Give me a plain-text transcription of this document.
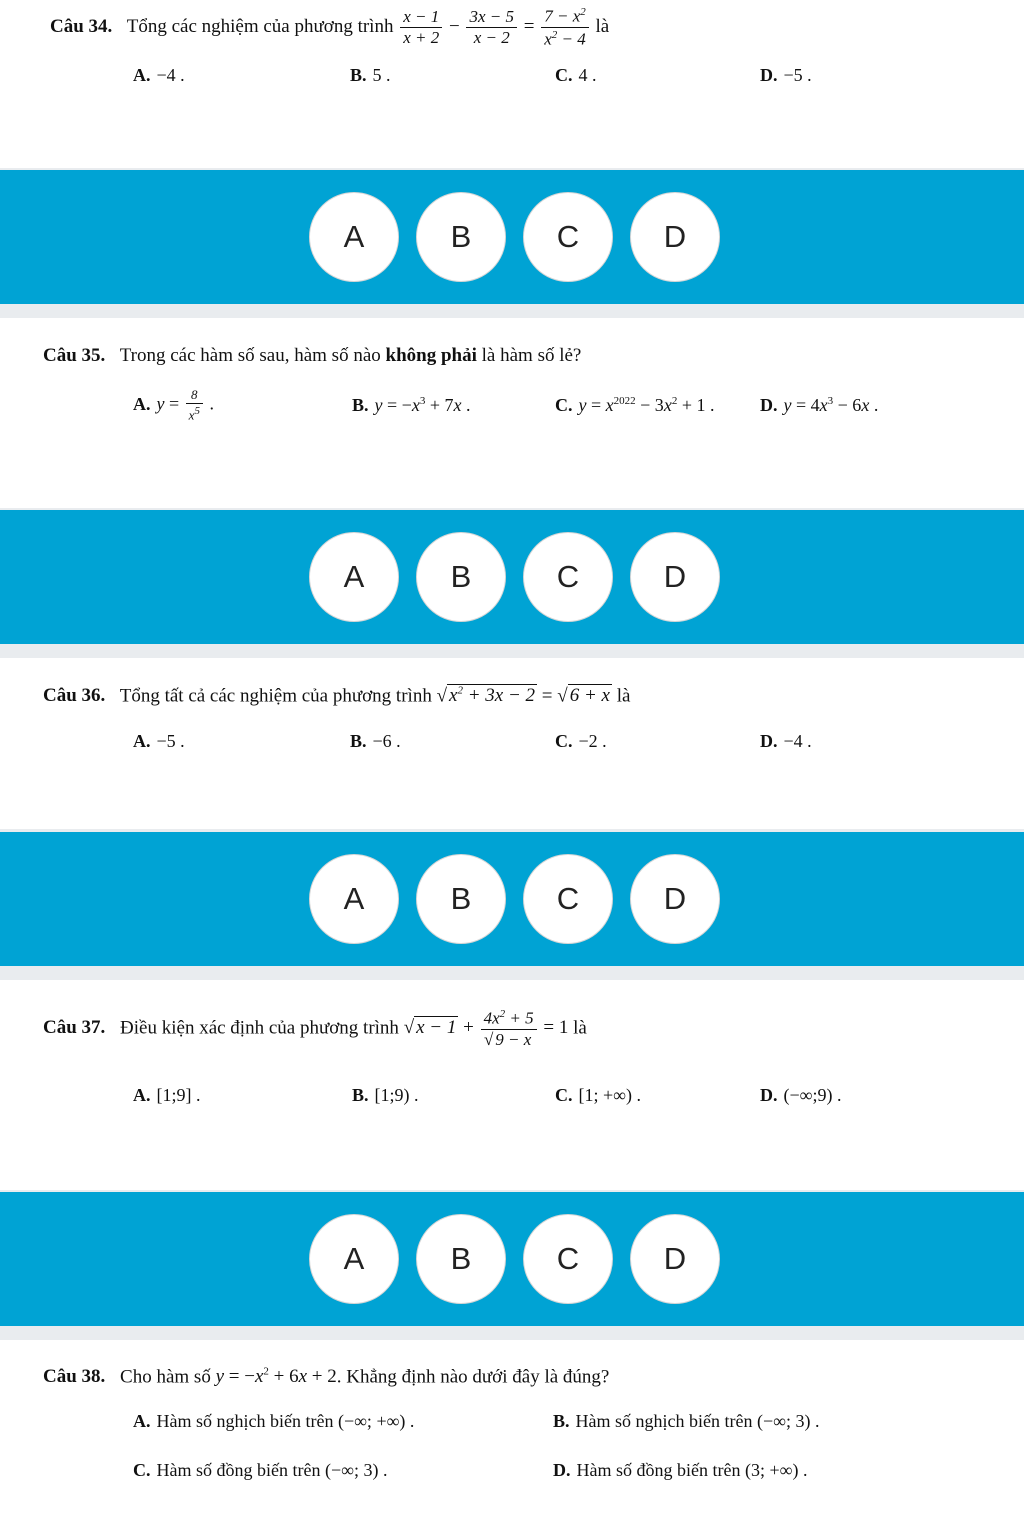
Câu 34. Tổng các nghiệm của phương trình $\frac{x - 1}{x + 2} - \frac{3x - 5}{x - 2} = \frac{7 - x^2}{x^2 - 4}$ là
A. −4 .	B. 5 .	C. 4 .	D. −5 .
A	B	C	D
Câu 35. Trong các hàm số sau, hàm số nào không phải là hàm số lẻ?
A. $y = \frac{8}{x^5}$ .	B. $y = -x^3 + 7x$ .	C. $y = x^{2022} - 3x^2 + 1$ .	D. $y = 4x^3 - 6x$ .
A	B	C	D
Câu 36. Tổng tất cả các nghiệm của phương trình √ $x^2 + 3x - 2$ = √ 6 + x là
A. −5 .	B. −6 .	C. −2 .	D. −4 .
A	B	C	D
Câu 37. Điều kiện xác định của phương trình √ $x - 1 + \frac{4x^2 + 5}{√ 9 - x} = 1$ là
A. [1;9] .	B. [1;9) .	C. [1; +∞) .	D. (−∞;9) .
A	B	C	D
Câu 38. Cho hàm số $y = -x^2 + 6x + 2$. Khẳng định nào dưới đây là đúng?
A. Hàm số nghịch biến trên (−∞; +∞) .	B. Hàm số nghịch biến trên (−∞; 3) .
C. Hàm số đồng biến trên (−∞; 3) .	D. Hàm số đồng biến trên (3; +∞) .
